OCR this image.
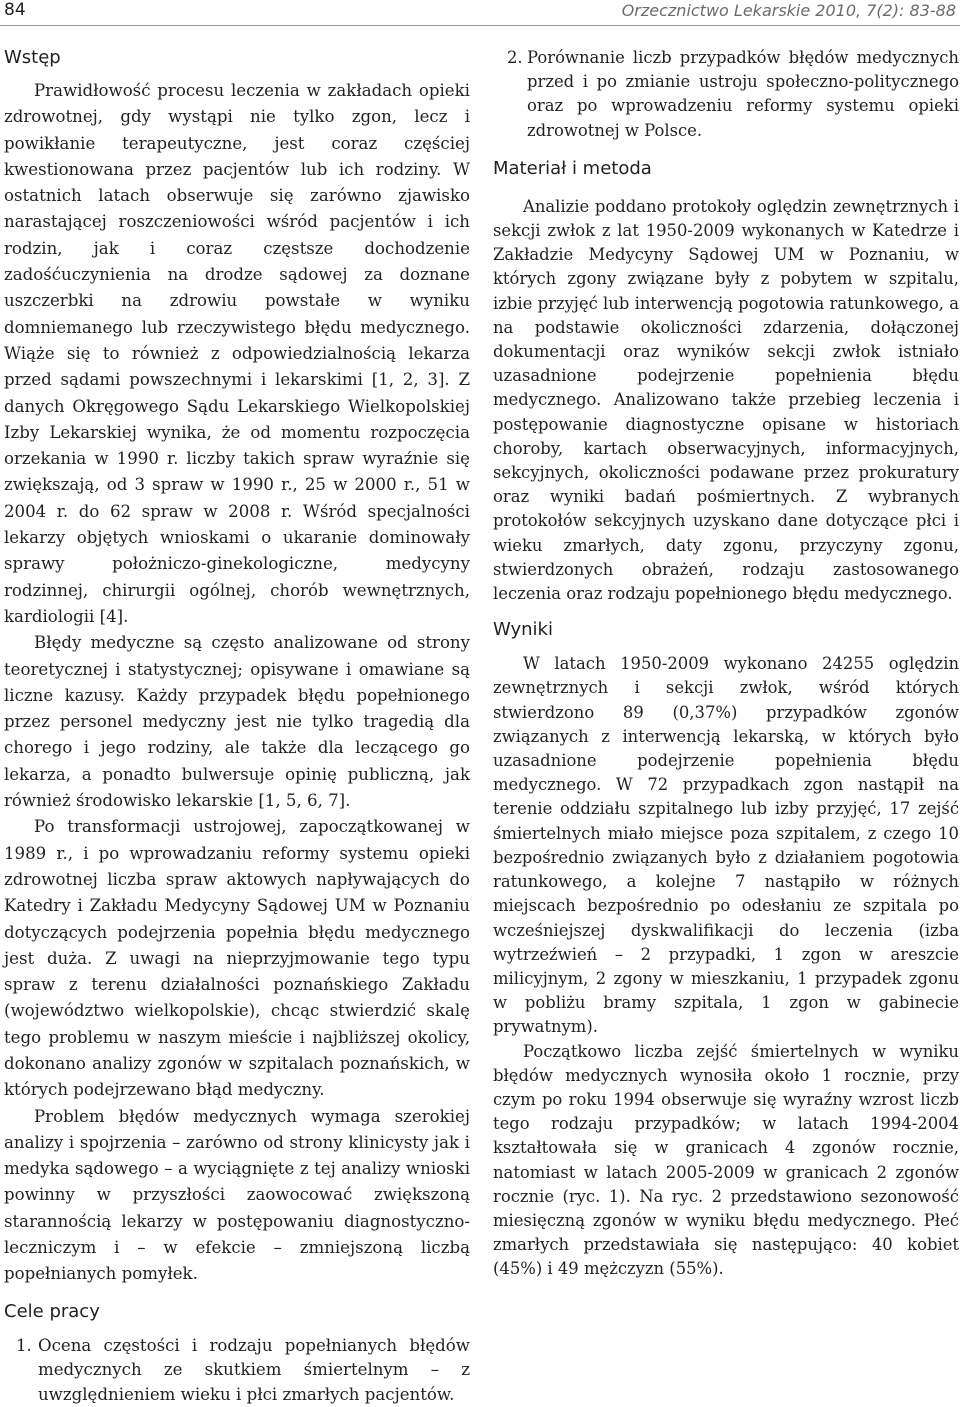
84	Orzecznictwo Lekarskie 2010, 7(2): 83-88
Wstęp

Prawidłowość procesu leczenia w zakładach opieki zdrowotnej, gdy wystąpi nie tylko zgon, lecz i powikłanie terapeutyczne, jest coraz częściej kwestionowana przez pacjentów lub ich rodziny. W ostatnich latach obserwuje się zarówno zjawisko narastającej roszczeniowości wśród pacjentów i ich rodzin, jak i coraz częstsze dochodzenie zadośćuczynienia na drodze sądowej za doznane uszczerbki na zdrowiu powstałe w wyniku domniemanego lub rzeczywistego błędu medycznego. Wiąże się to również z odpowiedzialnością lekarza przed sądami powszechnymi i lekarskimi [1, 2, 3]. Z danych Okręgowego Sądu Lekarskiego Wielkopolskiej Izby Lekarskiej wynika, że od momentu rozpoczęcia orzekania w 1990 r. liczby takich spraw wyraźnie się zwiększają, od 3 spraw w 1990 r., 25 w 2000 r., 51 w 2004 r. do 62 spraw w 2008 r. Wśród specjalności lekarzy objętych wnioskami o ukaranie dominowały sprawy położniczo-ginekologiczne, medycyny rodzinnej, chirurgii ogólnej, chorób wewnętrznych, kardiologii [4].

Błędy medyczne są często analizowane od strony teoretycznej i statystycznej; opisywane i omawiane są liczne kazusy. Każdy przypadek błędu popełnionego przez personel medyczny jest nie tylko tragedią dla chorego i jego rodziny, ale także dla leczącego go lekarza, a ponadto bulwersuje opinię publiczną, jak również środowisko lekarskie [1, 5, 6, 7].

Po transformacji ustrojowej, zapoczątkowanej w 1989 r., i po wprowadzaniu reformy systemu opieki zdrowotnej liczba spraw aktowych napływających do Katedry i Zakładu Medycyny Sądowej UM w Poznaniu dotyczących podejrzenia popełnia błędu medycznego jest duża. Z uwagi na nieprzyjmowanie tego typu spraw z terenu działalności poznańskiego Zakładu (województwo wielkopolskie), chcąc stwierdzić skalę tego problemu w naszym mieście i najbliższej okolicy, dokonano analizy zgonów w szpitalach poznańskich, w których podejrzewano błąd medyczny.

Problem błędów medycznych wymaga szerokiej analizy i spojrzenia – zarówno od strony klinicysty jak i medyka sądowego – a wyciągnięte z tej analizy wnioski powinny w przyszłości zaowocować zwiększoną starannością lekarzy w postępowaniu diagnostyczno-leczniczym i – w efekcie – zmniejszoną liczbą popełnianych pomyłek.

Cele pracy
1. Ocena częstości i rodzaju popełnianych błędów medycznych ze skutkiem śmiertelnym – z uwzględnieniem wieku i płci zmarłych pacjentów.
2. Porównanie liczb przypadków błędów medycznych przed i po zmianie ustroju społeczno-politycznego oraz po wprowadzeniu reformy systemu opieki zdrowotnej w Polsce.
Materiał i metoda

Analizie poddano protokoły oględzin zewnętrznych i sekcji zwłok z lat 1950-2009 wykonanych w Katedrze i Zakładzie Medycyny Sądowej UM w Poznaniu, w których zgony związane były z pobytem w szpitalu, izbie przyjęć lub interwencją pogotowia ratunkowego, a na podstawie okoliczności zdarzenia, dołączonej dokumentacji oraz wyników sekcji zwłok istniało uzasadnione podejrzenie popełnienia błędu medycznego. Analizowano także przebieg leczenia i postępowanie diagnostyczne opisane w historiach choroby, kartach obserwacyjnych, informacyjnych, sekcyjnych, okoliczności podawane przez prokuratury oraz wyniki badań pośmiertnych. Z wybranych protokołów sekcyjnych uzyskano dane dotyczące płci i wieku zmarłych, daty zgonu, przyczyny zgonu, stwierdzonych obrażeń, rodzaju zastosowanego leczenia oraz rodzaju popełnionego błędu medycznego.

Wyniki

W latach 1950-2009 wykonano 24255 oględzin zewnętrznych i sekcji zwłok, wśród których stwierdzono 89 (0,37%) przypadków zgonów związanych z interwencją lekarską, w których było uzasadnione podejrzenie popełnienia błędu medycznego. W 72 przypadkach zgon nastąpił na terenie oddziału szpitalnego lub izby przyjęć, 17 zejść śmiertelnych miało miejsce poza szpitalem, z czego 10 bezpośrednio związanych było z działaniem pogotowia ratunkowego, a kolejne 7 nastąpiło w różnych miejscach bezpośrednio po odesłaniu ze szpitala po wcześniejszej dyskwalifikacji do leczenia (izba wytrzeźwień – 2 przypadki, 1 zgon w areszcie milicyjnym, 2 zgony w mieszkaniu, 1 przypadek zgonu w pobliżu bramy szpitala, 1 zgon w gabinecie prywatnym).

Początkowo liczba zejść śmiertelnych w wyniku błędów medycznych wynosiła około 1 rocznie, przy czym po roku 1994 obserwuje się wyraźny wzrost liczb tego rodzaju przypadków; w latach 1994-2004 kształtowała się w granicach 4 zgonów rocznie, natomiast w latach 2005-2009 w granicach 2 zgonów rocznie (ryc. 1). Na ryc. 2 przedstawiono sezonowość miesięczną zgonów w wyniku błędu medycznego. Płeć zmarłych przedstawiała się następująco: 40 kobiet (45%) i 49 mężczyzn (55%).
